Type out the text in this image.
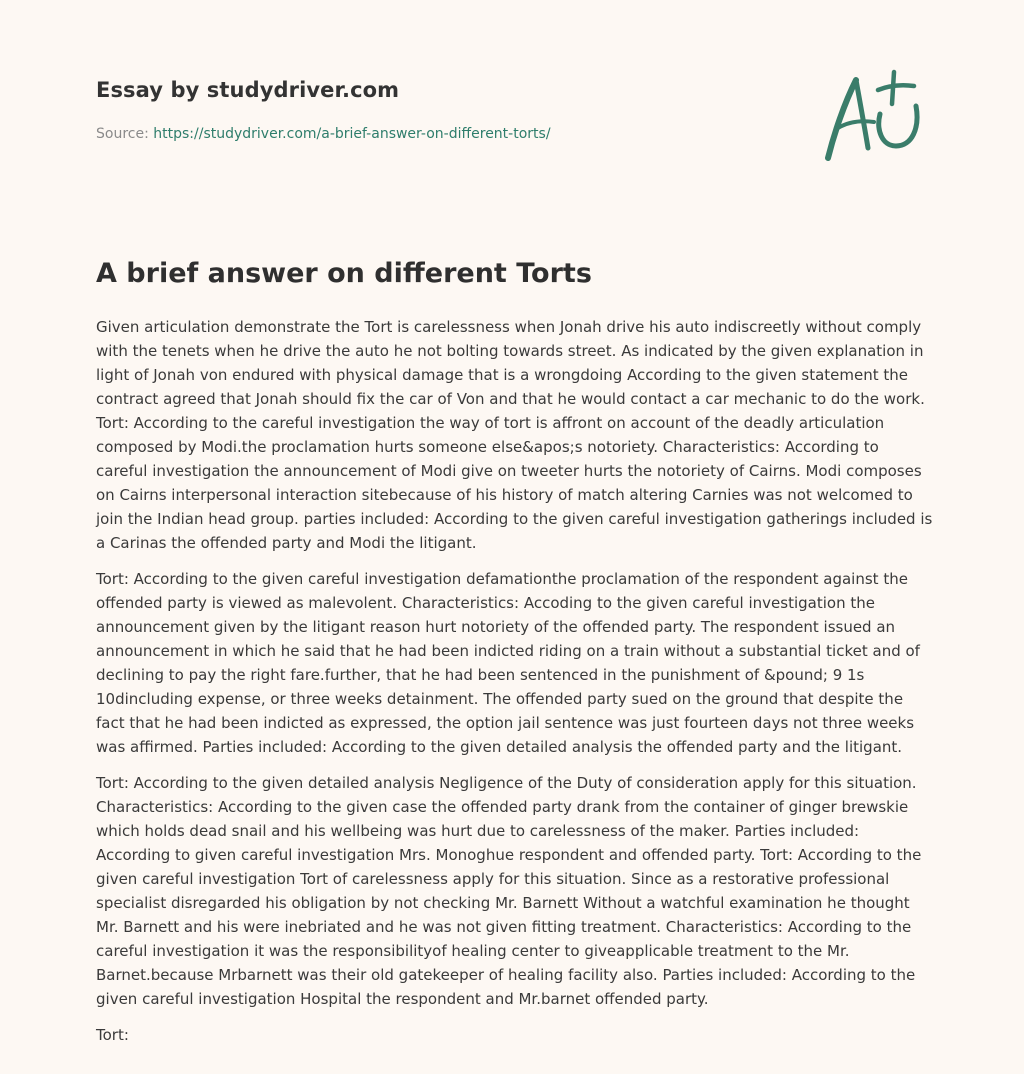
Essay by studydriver.com
Source: https://studydriver.com/a-brief-answer-on-different-torts/
A brief answer on different Torts

Given articulation demonstrate the Tort is carelessness when Jonah drive his auto indiscreetly without comply with the tenets when he drive the auto he not bolting towards street. As indicated by the given explanation in light of Jonah von endured with physical damage that is a wrongdoing According to the given statement the contract agreed that Jonah should fix the car of Von and that he would contact a car mechanic to do the work. Tort: According to the careful investigation the way of tort is affront on account of the deadly articulation composed by Modi.the proclamation hurts someone else&apos;s notoriety. Characteristics: According to careful investigation the announcement of Modi give on tweeter hurts the notoriety of Cairns. Modi composes on Cairns interpersonal interaction sitebecause of his history of match altering Carnies was not welcomed to join the Indian head group. parties included: According to the given careful investigation gatherings included is a Carinas the offended party and Modi the litigant.

Tort: According to the given careful investigation defamationthe proclamation of the respondent against the offended party is viewed as malevolent. Characteristics: Accoding to the given careful investigation the announcement given by the litigant reason hurt notoriety of the offended party. The respondent issued an announcement in which he said that he had been indicted riding on a train without a substantial ticket and of declining to pay the right fare.further, that he had been sentenced in the punishment of &pound; 9 1s 10dincluding expense, or three weeks detainment. The offended party sued on the ground that despite the fact that he had been indicted as expressed, the option jail sentence was just fourteen days not three weeks was affirmed. Parties included: According to the given detailed analysis the offended party and the litigant.

Tort: According to the given detailed analysis Negligence of the Duty of consideration apply for this situation. Characteristics: According to the given case the offended party drank from the container of ginger brewskie which holds dead snail and his wellbeing was hurt due to carelessness of the maker. Parties included: According to given careful investigation Mrs. Monoghue respondent and offended party. Tort: According to the given careful investigation Tort of carelessness apply for this situation. Since as a restorative professional specialist disregarded his obligation by not checking Mr. Barnett Without a watchful examination he thought Mr. Barnett and his were inebriated and he was not given fitting treatment. Characteristics: According to the careful investigation it was the responsibilityof healing center to giveapplicable treatment to the Mr. Barnet.because Mrbarnett was their old gatekeeper of healing facility also. Parties included: According to the given careful investigation Hospital the respondent and Mr.barnet offended party.

Tort:
